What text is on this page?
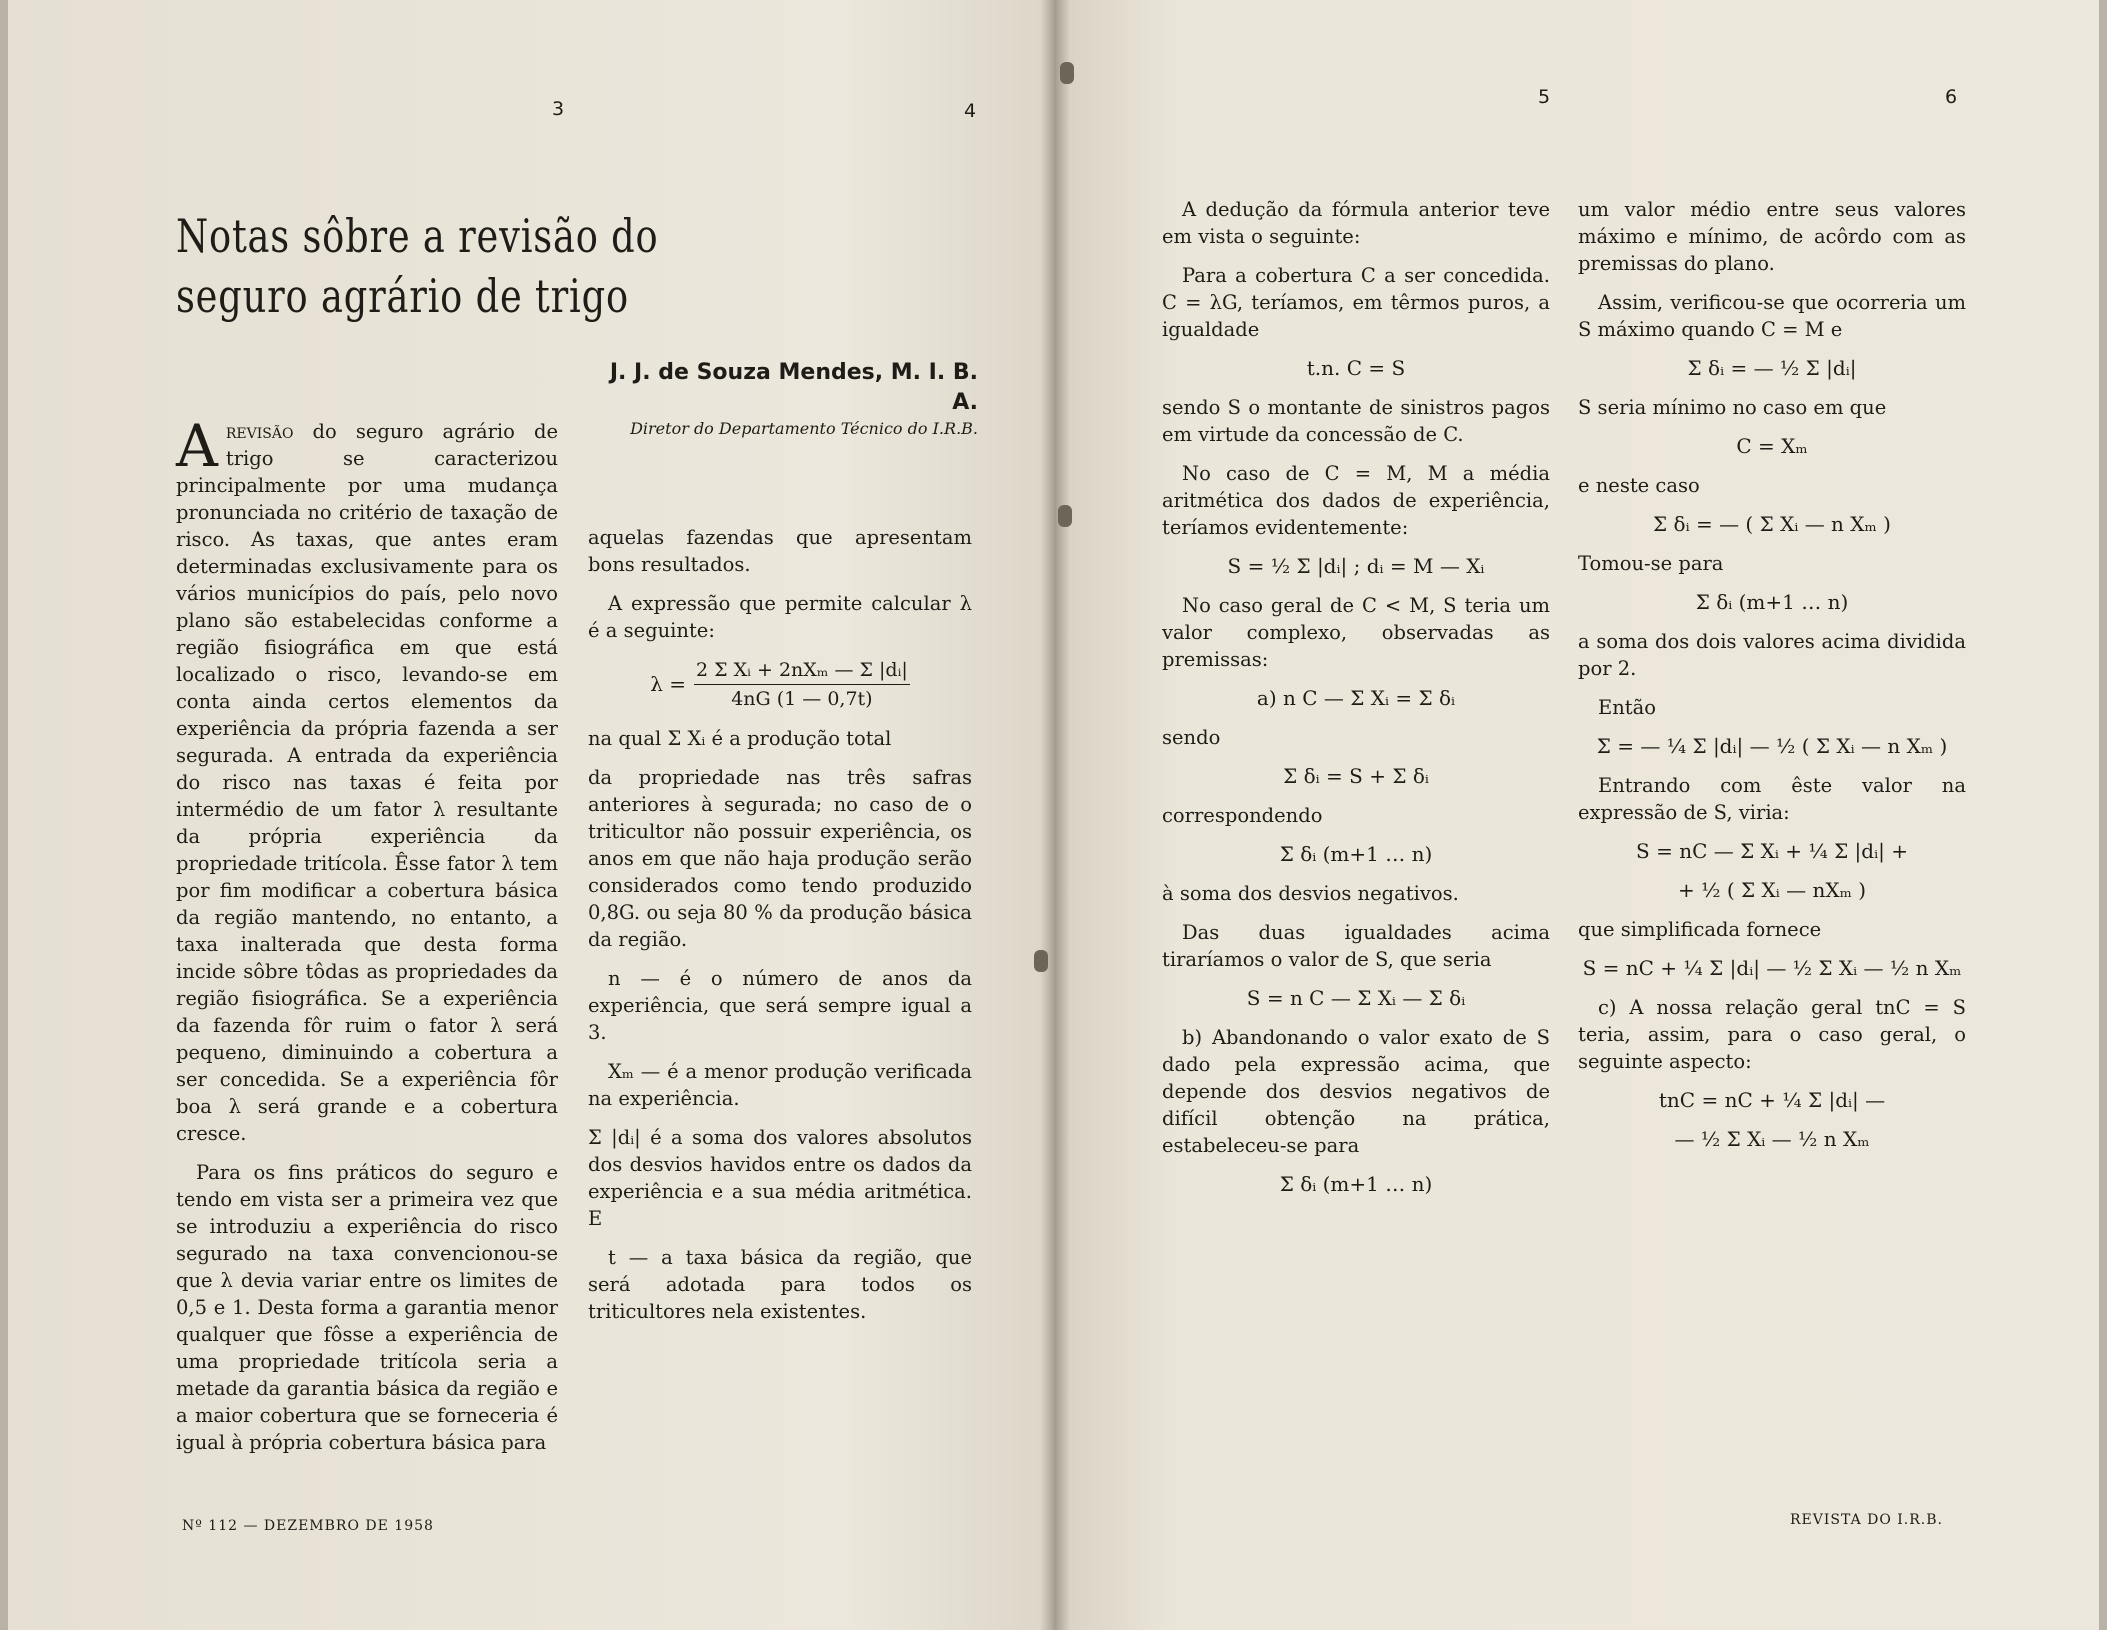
3	4
5	6
Notas sôbre a revisão do seguro agrário de trigo
J. J. de Souza Mendes, M. I. B. A.
Diretor do Departamento Técnico do I.R.B.

A revisão do seguro agrário de trigo se caracterizou principalmente por uma mudança pronunciada no critério de taxação de risco. As taxas, que antes eram determinadas exclusivamente para os vários municípios do país, pelo novo plano são estabelecidas conforme a região fisiográfica em que está localizado o risco, levando-se em conta ainda certos elementos da experiência da própria fazenda a ser segurada. A entrada da experiência do risco nas taxas é feita por intermédio de um fator λ resultante da própria experiência da propriedade tritícola. Êsse fator λ tem por fim modificar a cobertura básica da região mantendo, no entanto, a taxa inalterada que desta forma incide sôbre tôdas as propriedades da região fisiográfica. Se a experiência da fazenda fôr ruim o fator λ será pequeno, diminuindo a cobertura a ser concedida. Se a experiência fôr boa λ será grande e a cobertura cresce.

Para os fins práticos do seguro e tendo em vista ser a primeira vez que se introduziu a experiência do risco segurado na taxa convencionou-se que λ devia variar entre os limites de 0,5 e 1. Desta forma a garantia menor qualquer que fôsse a experiência de uma propriedade tritícola seria a metade da garantia básica da região e a maior cobertura que se forneceria é igual à própria cobertura básica para

aquelas fazendas que apresentam bons resultados.

A expressão que permite calcular λ é a seguinte:

$\lambda = \frac{\text{2 Σ Xᵢ + 2nXₘ — Σ |dᵢ|}}{4nG (1 — 0,7t)}$

na qual Σ Xᵢ é a produção total

da propriedade nas três safras anteriores à segurada; no caso de o triticultor não possuir experiência, os anos em que não haja produção serão considerados como tendo produzido 0,8G. ou seja 80 % da produção básica da região.

n — é o número de anos da experiência, que será sempre igual a 3.

Xₘ — é a menor produção verificada na experiência.

Σ |dᵢ| é a soma dos valores absolutos dos desvios havidos entre os dados da experiência e a sua média aritmética. E

t — a taxa básica da região, que será adotada para todos os triticultores nela existentes.

A dedução da fórmula anterior teve em vista o seguinte:

Para a cobertura C a ser concedida. C = λG, teríamos, em têrmos puros, a igualdade

t.n. C = S

sendo S o montante de sinistros pagos em virtude da concessão de C.

No caso de C = M, M a média aritmética dos dados de experiência, teríamos evidentemente:

S = ½ Σ |dᵢ| ; dᵢ = M — Xᵢ

No caso geral de C < M, S teria um valor complexo, observadas as premissas:

a) n C — Σ Xᵢ = Σ δᵢ

sendo

Σ δᵢ = S + Σ δᵢ

correspondendo

Σ δᵢ (m+1 … n)

à soma dos desvios negativos.

Das duas igualdades acima tiraríamos o valor de S, que seria

S = n C — Σ Xᵢ — Σ δᵢ

b) Abandonando o valor exato de S dado pela expressão acima, que depende dos desvios negativos de difícil obtenção na prática, estabeleceu-se para

Σ δᵢ (m+1 … n)

um valor médio entre seus valores máximo e mínimo, de acôrdo com as premissas do plano.

Assim, verificou-se que ocorreria um S máximo quando C = M e

Σ δᵢ = — ½ Σ |dᵢ|

S seria mínimo no caso em que

C = Xₘ

e neste caso

Σ δᵢ = — ( Σ Xᵢ — n Xₘ )

Tomou-se para

Σ δᵢ (m+1 … n)

a soma dos dois valores acima dividida por 2.

Então

Σ = — ¼ Σ |dᵢ| — ½ ( Σ Xᵢ — n Xₘ )

Entrando com êste valor na expressão de S, viria:

S = nC — Σ Xᵢ + ¼ Σ |dᵢ| +
+ ½ ( Σ Xᵢ — nXₘ )

que simplificada fornece

S = nC + ¼ Σ |dᵢ| — ½ Σ Xᵢ — ½ n Xₘ

c) A nossa relação geral tnC = S teria, assim, para o caso geral, o seguinte aspecto:

tnC = nC + ¼ Σ |dᵢ| —
— ½ Σ Xᵢ — ½ n Xₘ
Nº 112 — DEZEMBRO DE 1958	REVISTA DO I.R.B.
